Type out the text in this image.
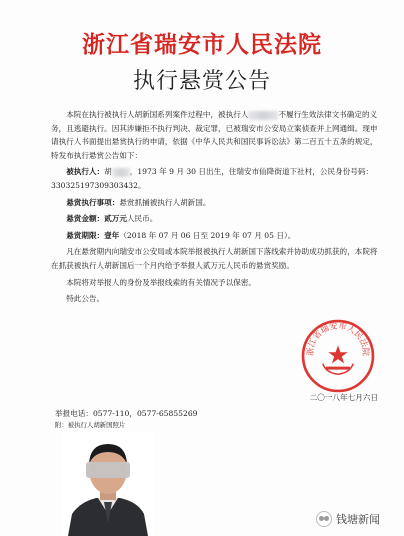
浙江省瑞安市人民法院
执行悬赏公告

本院在执行被执行人胡新国系列案件过程中，被执行人	不履行生效法律文书确定的义务，且逃避执行。因其涉嫌拒不执行判决、裁定罪，已被瑞安市公安局立案侦查并上网通缉。现申请执行人书面提出悬赏执行的申请，依据《中华人民共和国民事诉讼法》第二百五十五条的规定，特发布执行悬赏公告如下：

被执行人：胡 ，1973 年 9 月 30 日出生，住瑞安市仙降街道下社村，公民身份号码：330325197309303432。

悬赏执行事项：悬赏抓捕被执行人胡新国。

悬赏金额：贰万元人民币。

悬赏期限：壹年（2018 年 07 月 06 日至 2019 年 07 月 05 日）。

凡在悬赏期内向瑞安市公安局或本院举报被执行人胡新国下落线索并协助成功抓获的，本院将在抓获被执行人胡新国后一个月内给予举报人贰万元人民币的悬赏奖励。

本院将对举报人的身份及举报线索的有关情况予以保密。

特此公告。

浙江省瑞安市人民法院
二〇一八年七月六日
举报电话：0577-110，0577-65855269
附：被执行人胡新国照片
钱塘新闻
